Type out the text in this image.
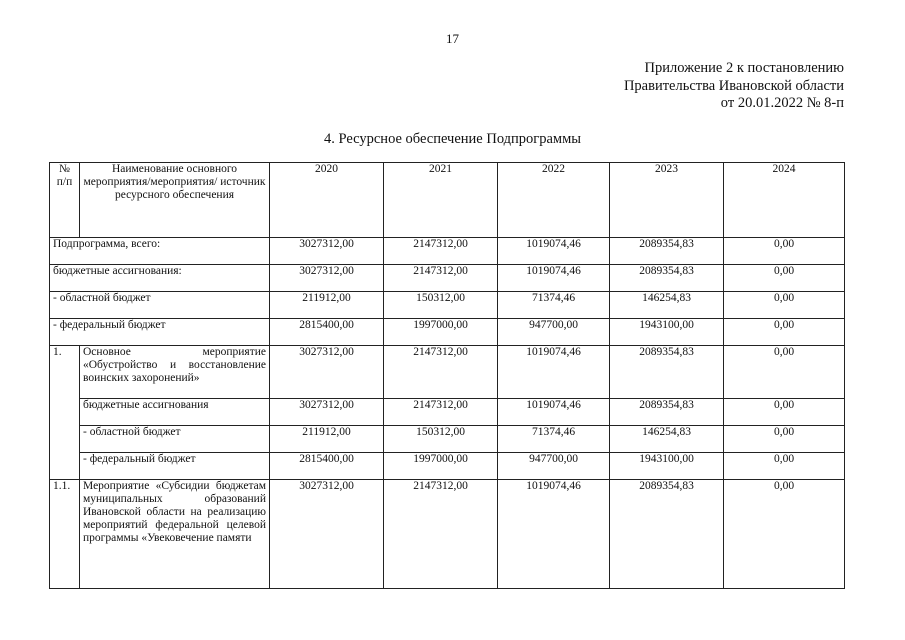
17
Приложение 2 к постановлению
Правительства Ивановской области
от 20.01.2022 № 8-п
4. Ресурсное обеспечение Подпрограммы
№ п/п	Наименование основного мероприятия/мероприятия/ источник ресурсного обеспечения	2020	2021	2022	2023	2024
Подпрограмма, всего:		3027312,00	2147312,00	1019074,46	2089354,83	0,00
бюджетные ассигнования:		3027312,00	2147312,00	1019074,46	2089354,83	0,00
- областной бюджет		211912,00	150312,00	71374,46	146254,83	0,00
- федеральный бюджет		2815400,00	1997000,00	947700,00	1943100,00	0,00
1.	Основное мероприятие «Обустройство и восстановление воинских захоронений»	3027312,00	2147312,00	1019074,46	2089354,83	0,00
	бюджетные ассигнования	3027312,00	2147312,00	1019074,46	2089354,83	0,00
	- областной бюджет	211912,00	150312,00	71374,46	146254,83	0,00
	- федеральный бюджет	2815400,00	1997000,00	947700,00	1943100,00	0,00
1.1.	Мероприятие «Субсидии бюджетам муниципальных образований Ивановской области на реализацию мероприятий федеральной целевой программы «Увековечение памяти	3027312,00	2147312,00	1019074,46	2089354,83	0,00
